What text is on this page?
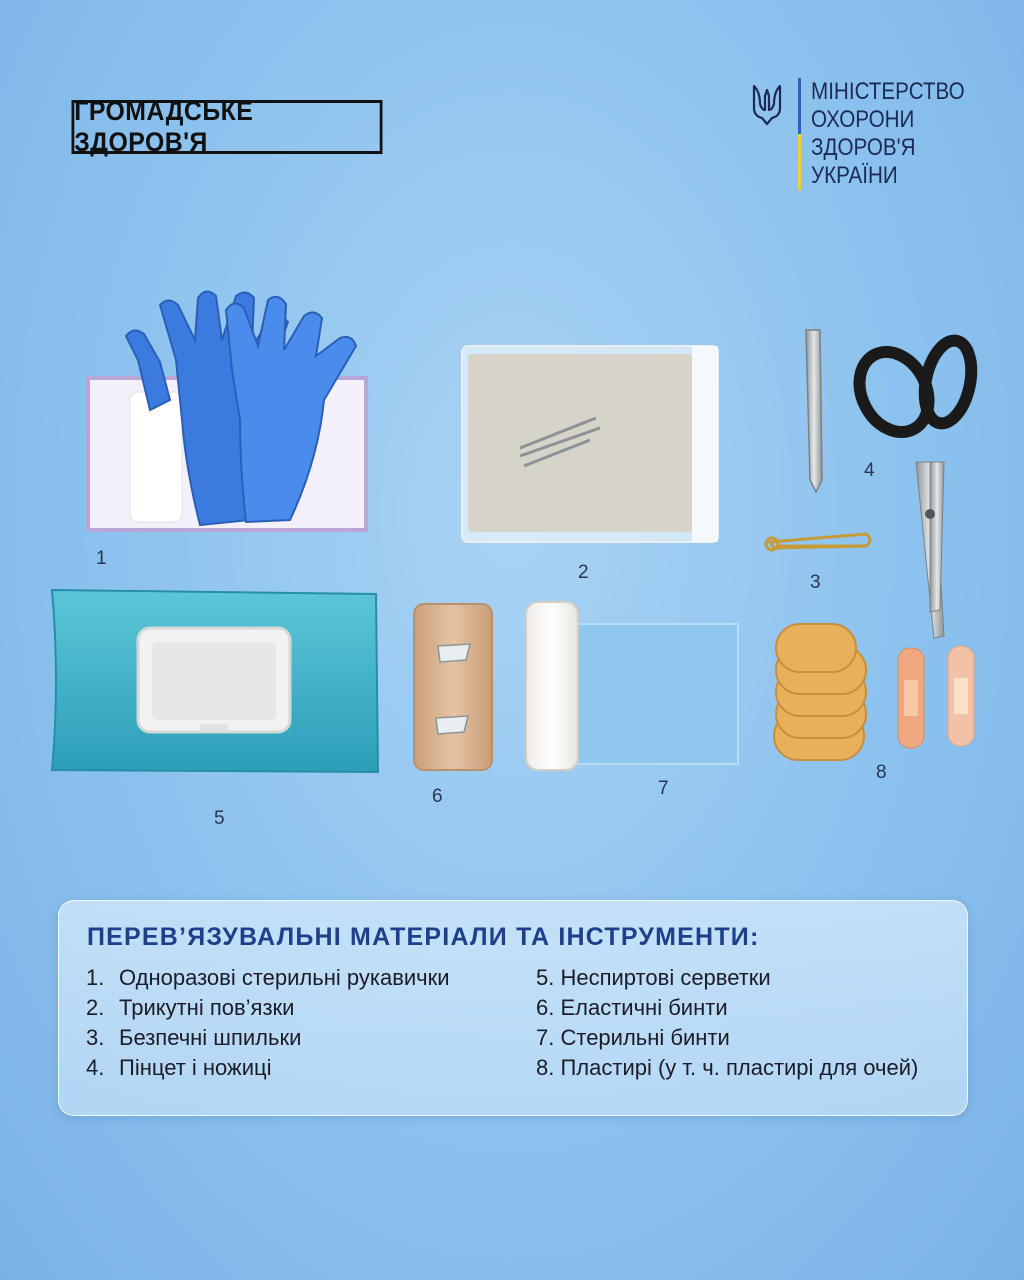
ГРОМАДСЬКЕ ЗДОРОВ'Я
МІНІСТЕРСТВО
ОХОРОНИ
ЗДОРОВ'Я
УКРАЇНИ
1
2	3
4
5
6	7
8
ПЕРЕВ’ЯЗУВАЛЬНІ МАТЕРІАЛИ ТА ІНСТРУМЕНТИ:
1. Одноразові стерильні рукавички
2. Трикутні пов’язки
3. Безпечні шпильки
4. Пінцет і ножиці
5. Неспиртові серветки
6. Еластичні бинти
7. Стерильні бинти
8. Пластирі (у т. ч. пластирі для очей)
